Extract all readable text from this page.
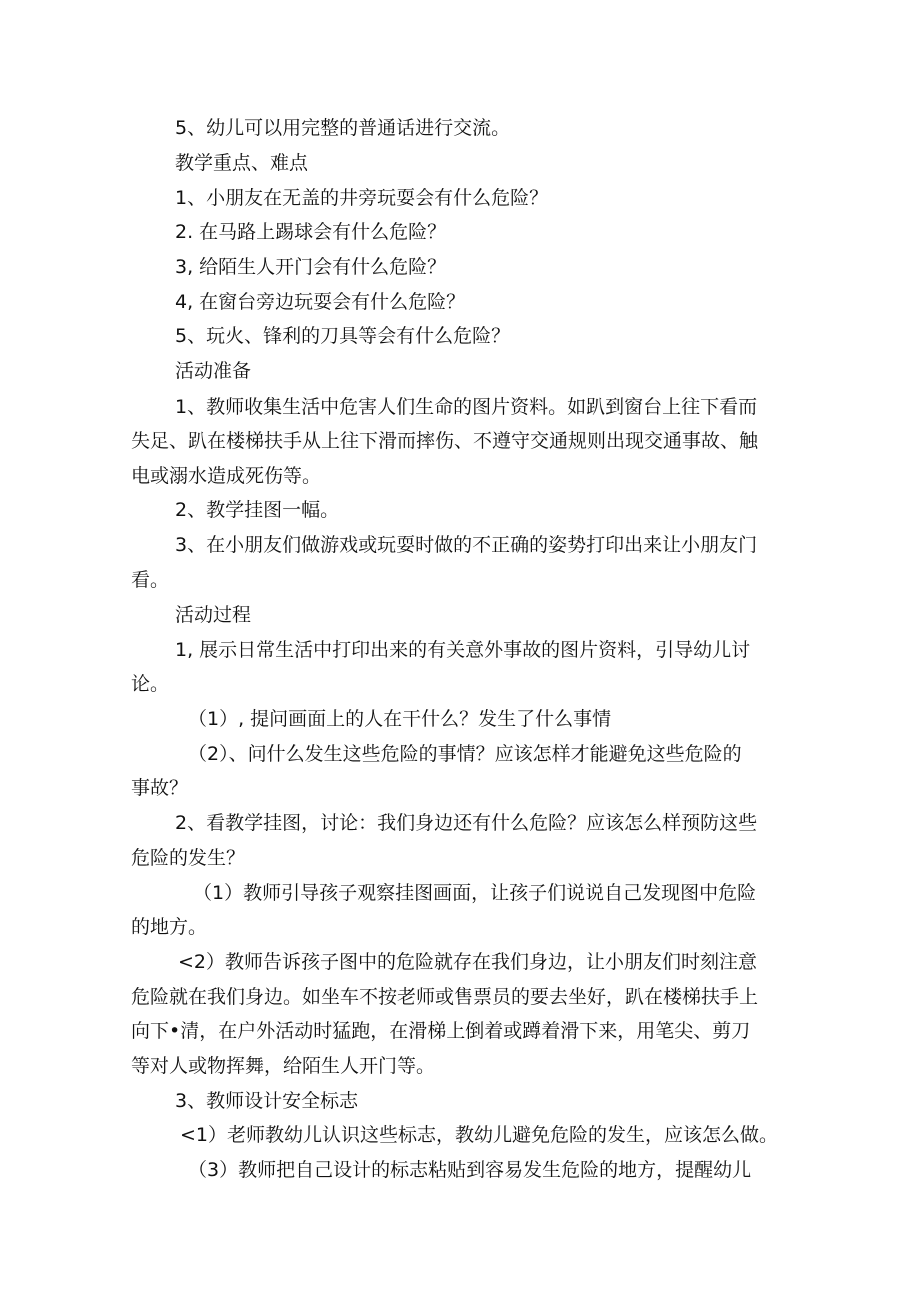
5、幼儿可以用完整的普通话进行交流。

教学重点、难点

1、小朋友在无盖的井旁玩耍会有什么危险？

2. 在马路上踢球会有什么危险？

3, 给陌生人开门会有什么危险？

4, 在窗台旁边玩耍会有什么危险？

5、玩火、锋利的刀具等会有什么危险？

活动准备

1、教师收集生活中危害人们生命的图片资料。如趴到窗台上往下看而

失足、趴在楼梯扶手从上往下滑而摔伤、不遵守交通规则出现交通事故、触

电或溺水造成死伤等。

2、教学挂图一幅。

3、在小朋友们做游戏或玩耍时做的不正确的姿势打印出来让小朋友门

看。

活动过程

1, 展示日常生活中打印出来的有关意外事故的图片资料，引导幼儿讨

论。

（1）, 提问画面上的人在干什么？发生了什么事情

（2）、问什么发生这些危险的事情？应该怎样才能避免这些危险的

事故？

2、看教学挂图，讨论：我们身边还有什么危险？应该怎么样预防这些

危险的发生？

（1）教师引导孩子观察挂图画面，让孩子们说说自己发现图中危险

的地方。

<2）教师告诉孩子图中的危险就存在我们身边，让小朋友们时刻注意

危险就在我们身边。如坐车不按老师或售票员的要去坐好，趴在楼梯扶手上

向下•清，在户外活动时猛跑，在滑梯上倒着或蹲着滑下来，用笔尖、剪刀

等对人或物挥舞，给陌生人开门等。

3、教师设计安全标志

<1）老师教幼儿认识这些标志，教幼儿避免危险的发生，应该怎么做。

（3）教师把自己设计的标志粘贴到容易发生危险的地方，提醒幼儿
